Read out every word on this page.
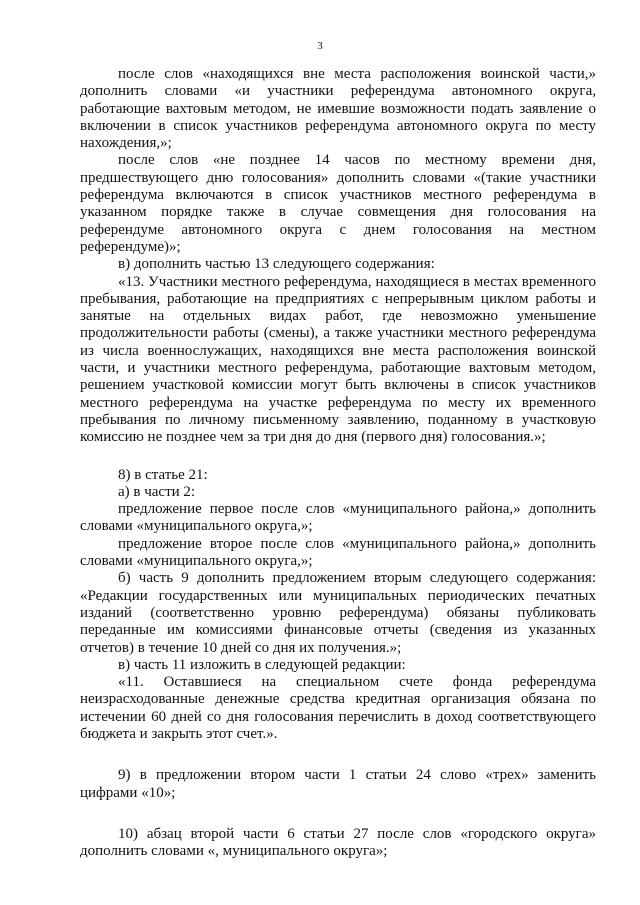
3

после слов «находящихся вне места расположения воинской части,» дополнить словами «и участники референдума автономного округа, работающие вахтовым методом, не имевшие возможности подать заявление о включении в список участников референдума автономного округа по месту нахождения,»;

после слов «не позднее 14 часов по местному времени дня, предшествующего дню голосования» дополнить словами «(такие участники референдума включаются в список участников местного референдума в указанном порядке также в случае совмещения дня голосования на референдуме автономного округа с днем голосования на местном референдуме)»;

в) дополнить частью 13 следующего содержания:

«13. Участники местного референдума, находящиеся в местах временного пребывания, работающие на предприятиях с непрерывным циклом работы и занятые на отдельных видах работ, где невозможно уменьшение продолжительности работы (смены), а также участники местного референдума из числа военнослужащих, находящихся вне места расположения воинской части, и участники местного референдума, работающие вахтовым методом, решением участковой комиссии могут быть включены в список участников местного референдума на участке референдума по месту их временного пребывания по личному письменному заявлению, поданному в участковую комиссию не позднее чем за три дня до дня (первого дня) голосования.»;

8) в статье 21:

а) в части 2:

предложение первое после слов «муниципального района,» дополнить словами «муниципального округа,»;

предложение второе после слов «муниципального района,» дополнить словами «муниципального округа,»;

б) часть 9 дополнить предложением вторым следующего содержания: «Редакции государственных или муниципальных периодических печатных изданий (соответственно уровню референдума) обязаны публиковать переданные им комиссиями финансовые отчеты (сведения из указанных отчетов) в течение 10 дней со дня их получения.»;

в) часть 11 изложить в следующей редакции:

«11. Оставшиеся на специальном счете фонда референдума неизрасходованные денежные средства кредитная организация обязана по истечении 60 дней со дня голосования перечислить в доход соответствующего бюджета и закрыть этот счет.».

9) в предложении втором части 1 статьи 24 слово «трех» заменить цифрами «10»;

10) абзац второй части 6 статьи 27 после слов «городского округа» дополнить словами «, муниципального округа»;
